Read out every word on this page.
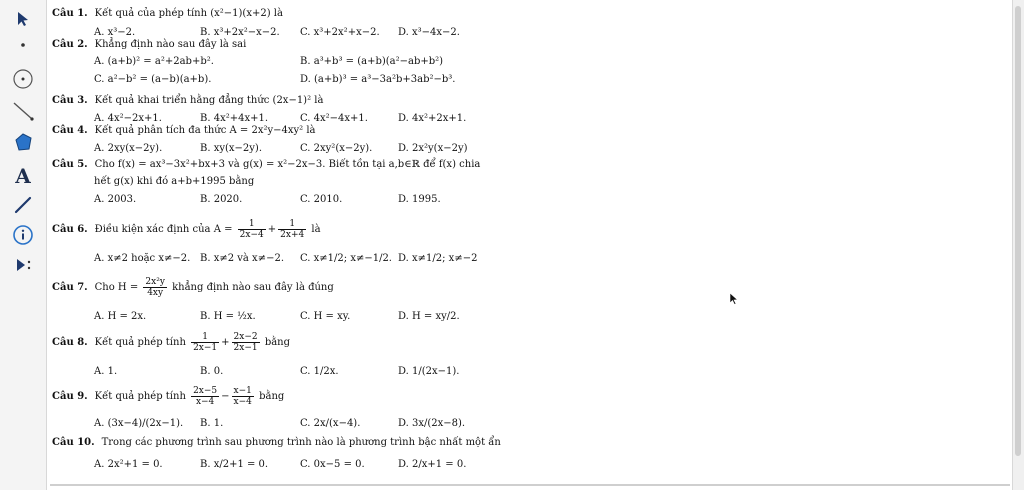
A
Câu 1. Kết quả của phép tính (x²−1)(x+2) là
A. x³−2.	B. x³+2x²−x−2. C. x³+2x²+x−2. D. x³−4x−2.
Câu 2. Khẳng định nào sau đây là sai
A. (a+b)² = a²+2ab+b².	B. a³+b³ = (a+b)(a²−ab+b²)
C. a²−b² = (a−b)(a+b).	D. (a+b)³ = a³−3a²b+3ab²−b³.
Câu 3. Kết quả khai triển hằng đẳng thức (2x−1)² là
A. 4x²−2x+1.	B. 4x²+4x+1.	C. 4x²−4x+1.	D. 4x²+2x+1.
Câu 4. Kết quả phân tích đa thức A = 2x²y−4xy² là
A. 2xy(x−2y).	B. xy(x−2y).	C. 2xy²(x−2y).	D. 2x²y(x−2y)
Câu 5. Cho f(x) = ax³−3x²+bx+3 và g(x) = x²−2x−3. Biết tồn tại a,b∈ℝ để f(x) chia
hết g(x) khi đó a+b+1995 bằng
A. 2003.	B. 2020.	C. 2010.	D. 1995.
Câu 6. Điều kiện xác định của $A = \frac{1}{2x-4} + \frac{1}{2x+4}$ là
A. x≠2 hoặc x≠−2. B. x≠2 và x≠−2. C. x≠1/2; x≠−1/2. D. x≠1/2; x≠−2
Câu 7. Cho $H = \frac{\text{2x²y}}{4xy}$ khẳng định nào sau đây là đúng
A. H = 2x.	B. H = ½x.	C. H = xy.	D. H = xy/2.
Câu 8. Kết quả phép tính $\frac{1}{2x-1} + \frac{2x-2}{2x-1}$ bằng
A. 1.	B. 0.	C. 1/2x.	D. 1/(2x−1).
Câu 9. Kết quả phép tính $\frac{2x-5}{x-4} - \frac{x-1}{x-4}$ bằng
A. (3x−4)/(2x−1). B. 1.	C. 2x/(x−4).	D. 3x/(2x−8).
Câu 10. Trong các phương trình sau phương trình nào là phương trình bậc nhất một ẩn
A. 2x²+1 = 0.	B. x/2+1 = 0.	C. 0x−5 = 0.	D. 2/x+1 = 0.
